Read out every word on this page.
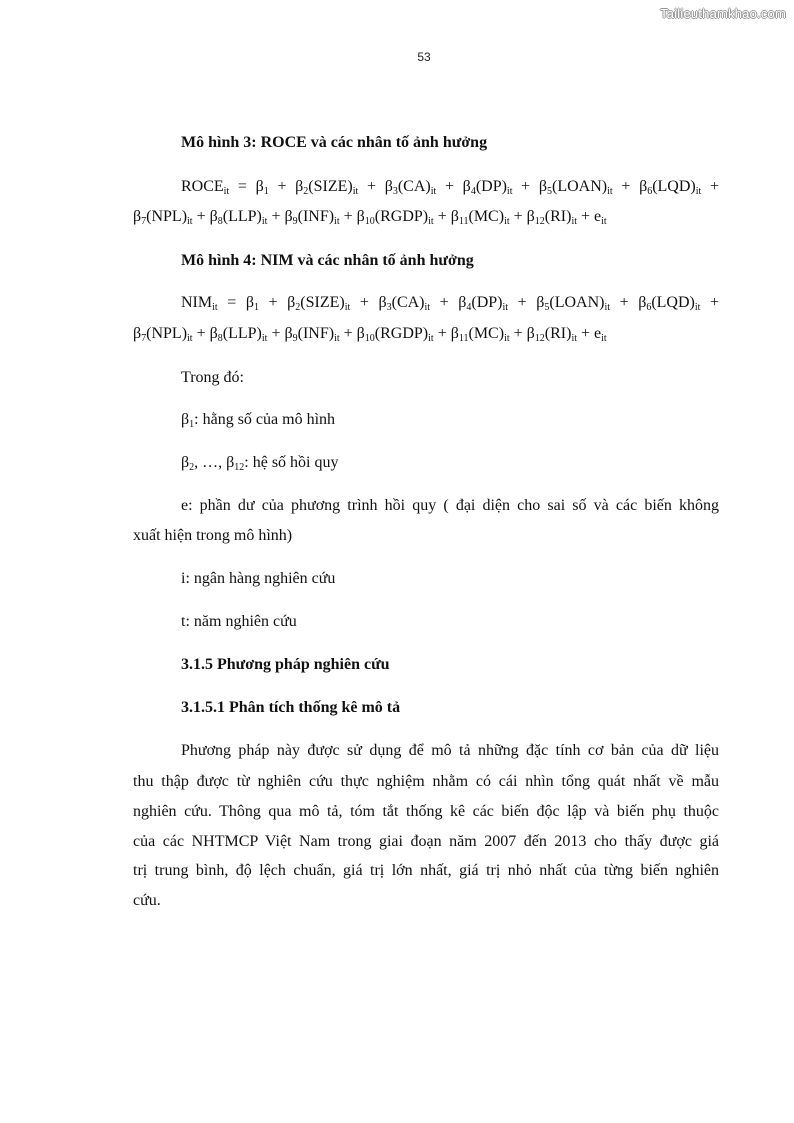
Tailieuthamkhao.com
53
Mô hình 3: ROCE và các nhân tố ảnh hưởng
$ROCE_{it} = \beta_1$ + $\beta_2(SIZE)_{it} + \beta_3(CA)_{it} + \beta_4(DP)_{it}$ + $\beta_5(LOAN)_{it} + \beta_6(LQD)_{it}$ +
$\beta_7(NPL)_{it} + \beta_8(LLP)_{it} + \beta_9(INF)_{it}$ + $\beta_{10}(RGDP)_{it} + \beta_{11}(MC)_{it} + \beta_{12}(RI)_{it} + e_{it}$
Mô hình 4: NIM và các nhân tố ảnh hưởng
$NIM_{it} = \beta_1$ + $\beta_2(SIZE)_{it} + \beta_3(CA)_{it} + \beta_4(DP)_{it}$ + $\beta_5(LOAN)_{it} + \beta_6(LQD)_{it}$ +
$\beta_7(NPL)_{it} + \beta_8(LLP)_{it} + \beta_9(INF)_{it}$ + $\beta_{10}(RGDP)_{it} + \beta_{11}(MC)_{it} + \beta_{12}(RI)_{it} + e_{it}$
Trong đó:
$\beta_1$: hằng số của mô hình
$\beta_2$, …, $\beta_{12}$: hệ số hồi quy
e: phần dư của phương trình hồi quy ( đại diện cho sai số và các biến không
xuất hiện trong mô hình)
i: ngân hàng nghiên cứu
t: năm nghiên cứu
3.1.5 Phương pháp nghiên cứu
3.1.5.1 Phân tích thống kê mô tả
Phương pháp này được sử dụng để mô tả những đặc tính cơ bản của dữ liệu
thu thập được từ nghiên cứu thực nghiệm nhằm có cái nhìn tổng quát nhất về mẫu
nghiên cứu. Thông qua mô tả, tóm tắt thống kê các biến độc lập và biến phụ thuộc
của các NHTMCP Việt Nam trong giai đoạn năm 2007 đến 2013 cho thấy được giá
trị trung bình, độ lệch chuẩn, giá trị lớn nhất, giá trị nhỏ nhất của từng biến nghiên
cứu.
